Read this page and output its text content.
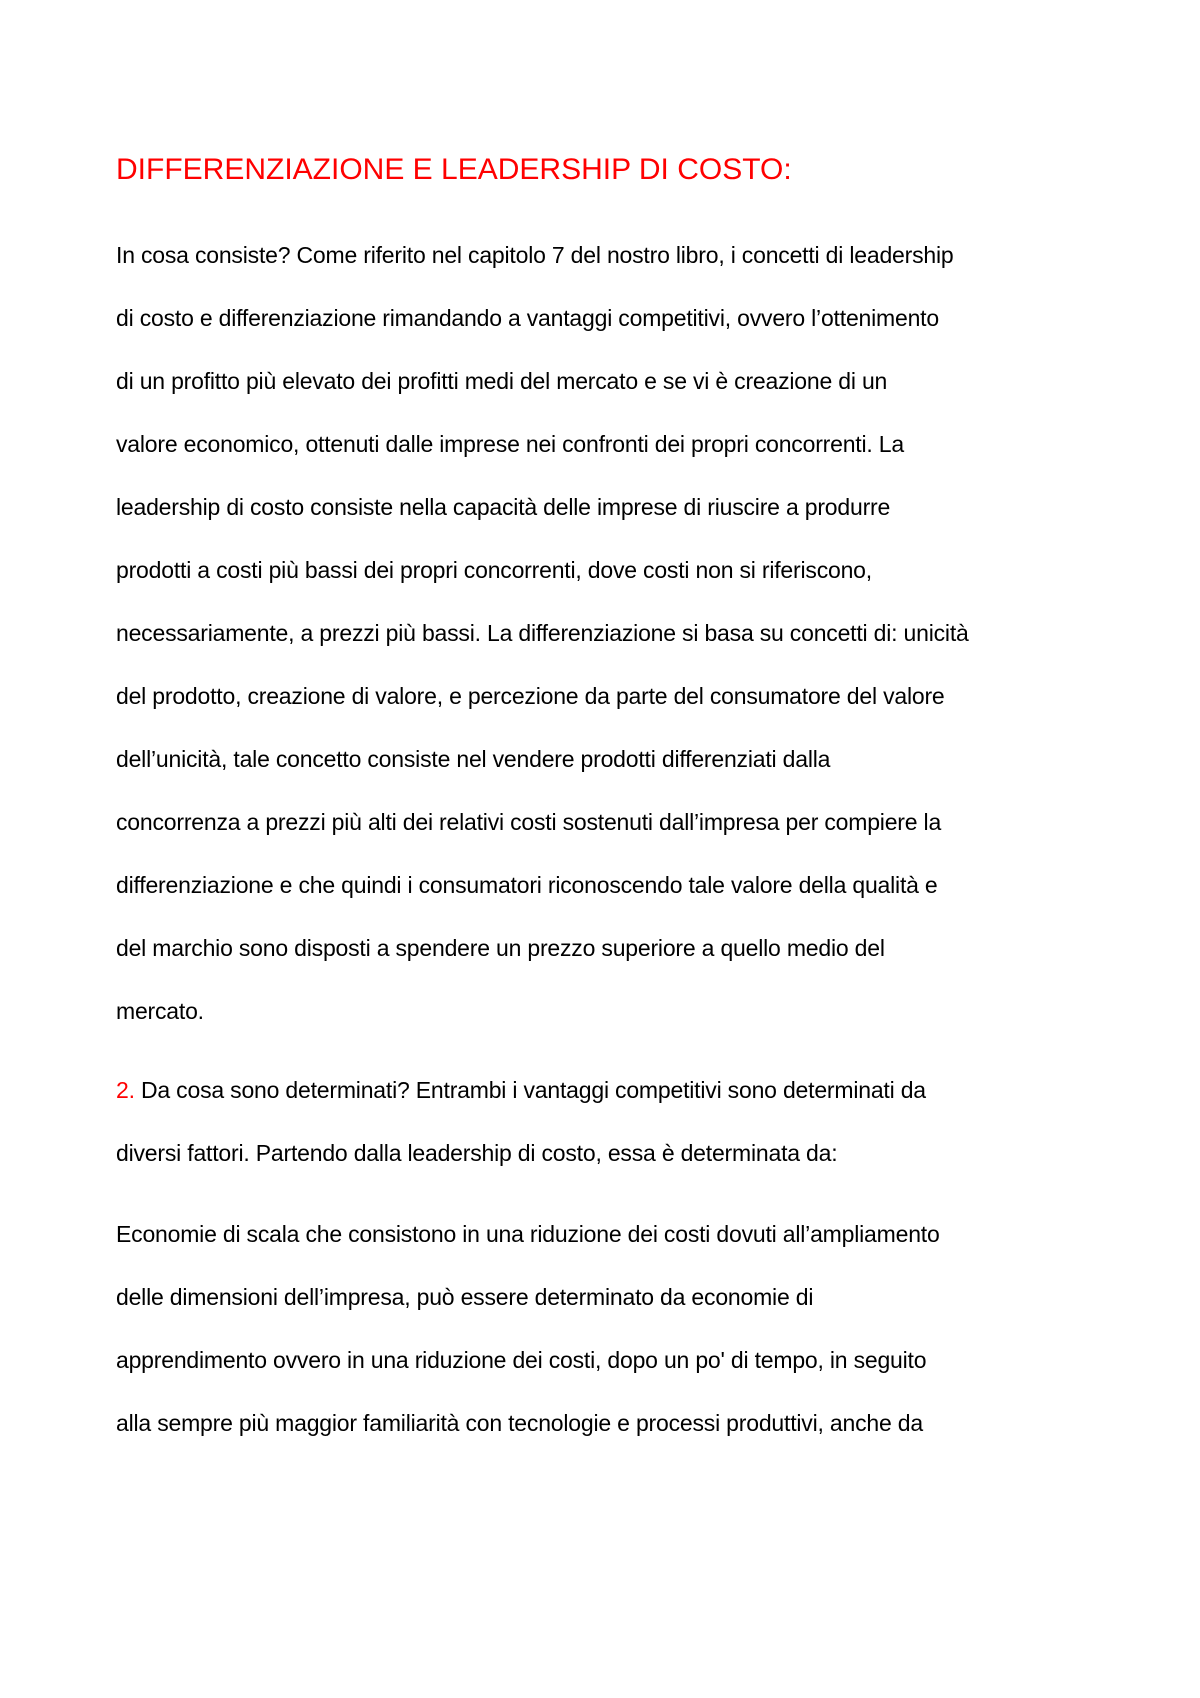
DIFFERENZIAZIONE E LEADERSHIP DI COSTO:
In cosa consiste? Come riferito nel capitolo 7 del nostro libro, i concetti di leadership
di costo e differenziazione rimandando a vantaggi competitivi, ovvero l’ottenimento
di un profitto più elevato dei profitti medi del mercato e se vi è creazione di un
valore economico, ottenuti dalle imprese nei confronti dei propri concorrenti. La
leadership di costo consiste nella capacità delle imprese di riuscire a produrre
prodotti a costi più bassi dei propri concorrenti, dove costi non si riferiscono,
necessariamente, a prezzi più bassi. La differenziazione si basa su concetti di: unicità
del prodotto, creazione di valore, e percezione da parte del consumatore del valore
dell’unicità, tale concetto consiste nel vendere prodotti differenziati dalla
concorrenza a prezzi più alti dei relativi costi sostenuti dall’impresa per compiere la
differenziazione e che quindi i consumatori riconoscendo tale valore della qualità e
del marchio sono disposti a spendere un prezzo superiore a quello medio del
mercato.
2. Da cosa sono determinati? Entrambi i vantaggi competitivi sono determinati da
diversi fattori. Partendo dalla leadership di costo, essa è determinata da:
Economie di scala che consistono in una riduzione dei costi dovuti all’ampliamento
delle dimensioni dell’impresa, può essere determinato da economie di
apprendimento ovvero in una riduzione dei costi, dopo un po' di tempo, in seguito
alla sempre più maggior familiarità con tecnologie e processi produttivi, anche da
